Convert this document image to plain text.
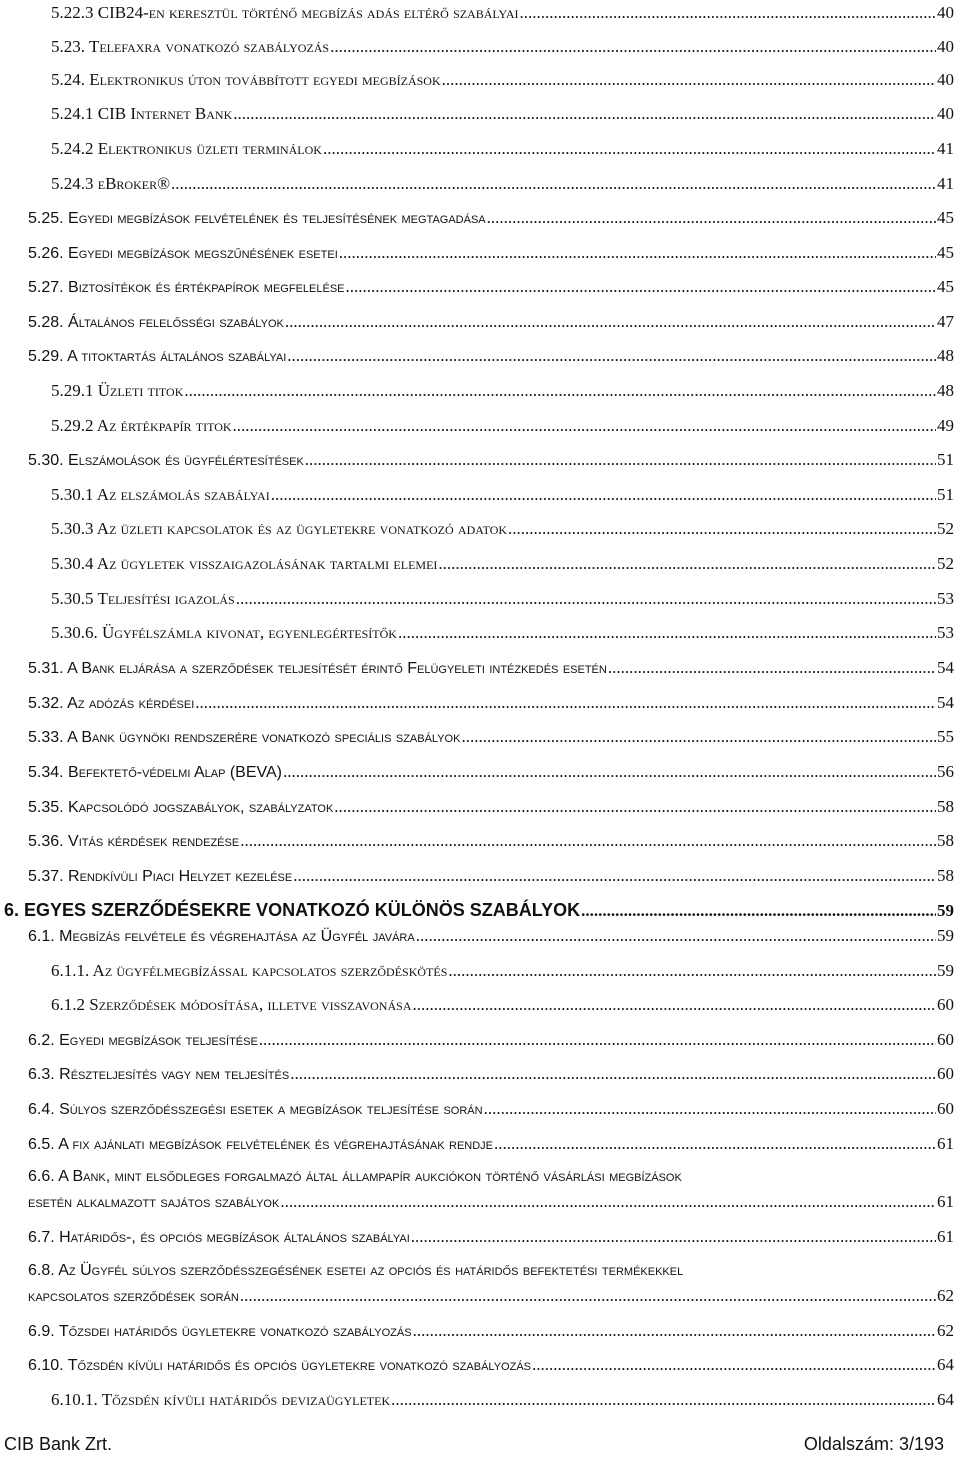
5.22.3 CIB24-en keresztül történő megbízás adás eltérő szabályai .....	40
5.23. Telefaxra vonatkozó szabályozás .....	40
5.24. Elektronikus úton továbbított egyedi megbízások .....	40
5.24.1 CIB Internet Bank .....	40
5.24.2 Elektronikus üzleti terminálok .....	41
5.24.3 eBroker® .....	41
5.25. Egyedi megbízások felvételének és teljesítésének megtagadása .....	45
5.26. Egyedi megbízások megszűnésének esetei .....	45
5.27. Biztosítékok és értékpapírok megfelelése .....	45
5.28. Általános felelősségi szabályok .....	47
5.29. A titoktartás általános szabályai .....	48
5.29.1 Üzleti titok .....	48
5.29.2 Az értékpapír titok .....	49
5.30. Elszámolások és ügyfélértesítések .....	51
5.30.1 Az elszámolás szabályai .....	51
5.30.3 Az üzleti kapcsolatok és az ügyletekre vonatkozó adatok .....	52
5.30.4 Az ügyletek visszaigazolásának tartalmi elemei .....	52
5.30.5 Teljesítési igazolás .....	53
5.30.6. Ügyfélszámla kivonat, egyenlegértesítők .....	53
5.31. A Bank eljárása a szerződések teljesítését érintő Felügyeleti intézkedés esetén .....	54
5.32. Az adózás kérdései .....	54
5.33. A Bank ügynöki rendszerére vonatkozó speciális szabályok .....	55
5.34. Befektető-védelmi Alap (BEVA) .....	56
5.35. Kapcsolódó jogszabályok, szabályzatok .....	58
5.36. Vitás kérdések rendezése .....	58
5.37. Rendkívüli Piaci Helyzet kezelése .....	58
6. EGYES SZERZŐDÉSEKRE VONATKOZÓ KÜLÖNÖS SZABÁLYOK .....	59
6.1. Megbízás felvétele és végrehajtása az Ügyfél javára .....	59
6.1.1. Az ügyfélmegbízással kapcsolatos szerződéskötés .....	59
6.1.2 Szerződések módosítása, illetve visszavonása .....	60
6.2. Egyedi megbízások teljesítése .....	60
6.3. Részteljesítés vagy nem teljesítés .....	60
6.4. Súlyos szerződésszegési esetek a megbízások teljesítése során .....	60
6.5. A fix ajánlati megbízások felvételének és végrehajtásának rendje .....	61
6.6. A Bank, mint elsődleges forgalmazó által állampapír aukciókon történő vásárlási megbízások
esetén alkalmazott sajátos szabályok .....	61
6.7. Határidős-, és opciós megbízások általános szabályai .....	61
6.8. Az Ügyfél súlyos szerződésszegésének esetei az opciós és határidős befektetési termékekkel
kapcsolatos szerződések során .....	62
6.9. Tőzsdei határidős ügyletekre vonatkozó szabályozás .....	62
6.10. Tőzsdén kívüli határidős és opciós ügyletekre vonatkozó szabályozás .....	64
6.10.1. Tőzsdén kívüli határidős devizaügyletek .....	64
CIB Bank Zrt.	Oldalszám: 3/193
